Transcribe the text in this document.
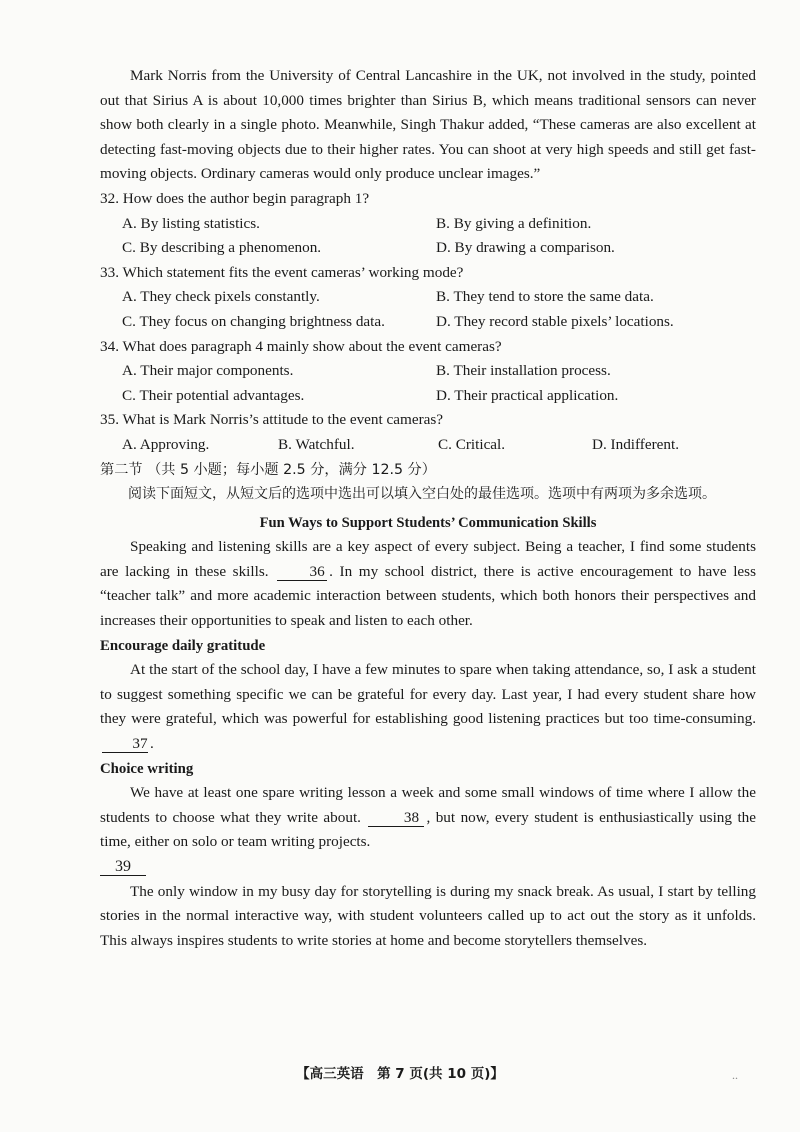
Mark Norris from the University of Central Lancashire in the UK, not involved in the study, pointed out that Sirius A is about 10,000 times brighter than Sirius B, which means traditional sensors can never show both clearly in a single photo. Meanwhile, Singh Thakur added, “These cameras are also excellent at detecting fast-moving objects due to their higher rates. You can shoot at very high speeds and still get fast-moving objects. Ordinary cameras would only produce unclear images.”

32. How does the author begin paragraph 1?
A. By listing statistics.	B. By giving a definition.
C. By describing a phenomenon.	D. By drawing a comparison.
33. Which statement fits the event cameras’ working mode?
A. They check pixels constantly.	B. They tend to store the same data.
C. They focus on changing brightness data.	D. They record stable pixels’ locations.
34. What does paragraph 4 mainly show about the event cameras?
A. Their major components.	B. Their installation process.
C. Their potential advantages.	D. Their practical application.
35. What is Mark Norris’s attitude to the event cameras?
A. Approving.	B. Watchful.	C. Critical.	D. Indifferent.
第二节 （共 5 小题；每小题 2.5 分，满分 12.5 分）

阅读下面短文，从短文后的选项中选出可以填入空白处的最佳选项。选项中有两项为多余选项。

Fun Ways to Support Students’ Communication Skills

Speaking and listening skills are a key aspect of every subject. Being a teacher, I find some students are lacking in these skills.	36 . In my school district, there is active encouragement to have less “teacher talk” and more academic interaction between students, which both honors their perspectives and increases their opportunities to speak and listen to each other.

Encourage daily gratitude

At the start of the school day, I have a few minutes to spare when taking attendance, so, I ask a student to suggest something specific we can be grateful for every day. Last year, I had every student share how they were grateful, which was powerful for establishing good listening practices but too time-consuming. 37 .

Choice writing

We have at least one spare writing lesson a week and some small windows of time where I allow the students to choose what they write about.	38 , but now, every student is enthusiastically using the time, either on solo or team writing projects.

39

The only window in my busy day for storytelling is during my snack break. As usual, I start by telling stories in the normal interactive way, with student volunteers called up to act out the story as it unfolds. This always inspires students to write stories at home and become storytellers themselves.

【高三英语　第 7 页(共 10 页)】	..
